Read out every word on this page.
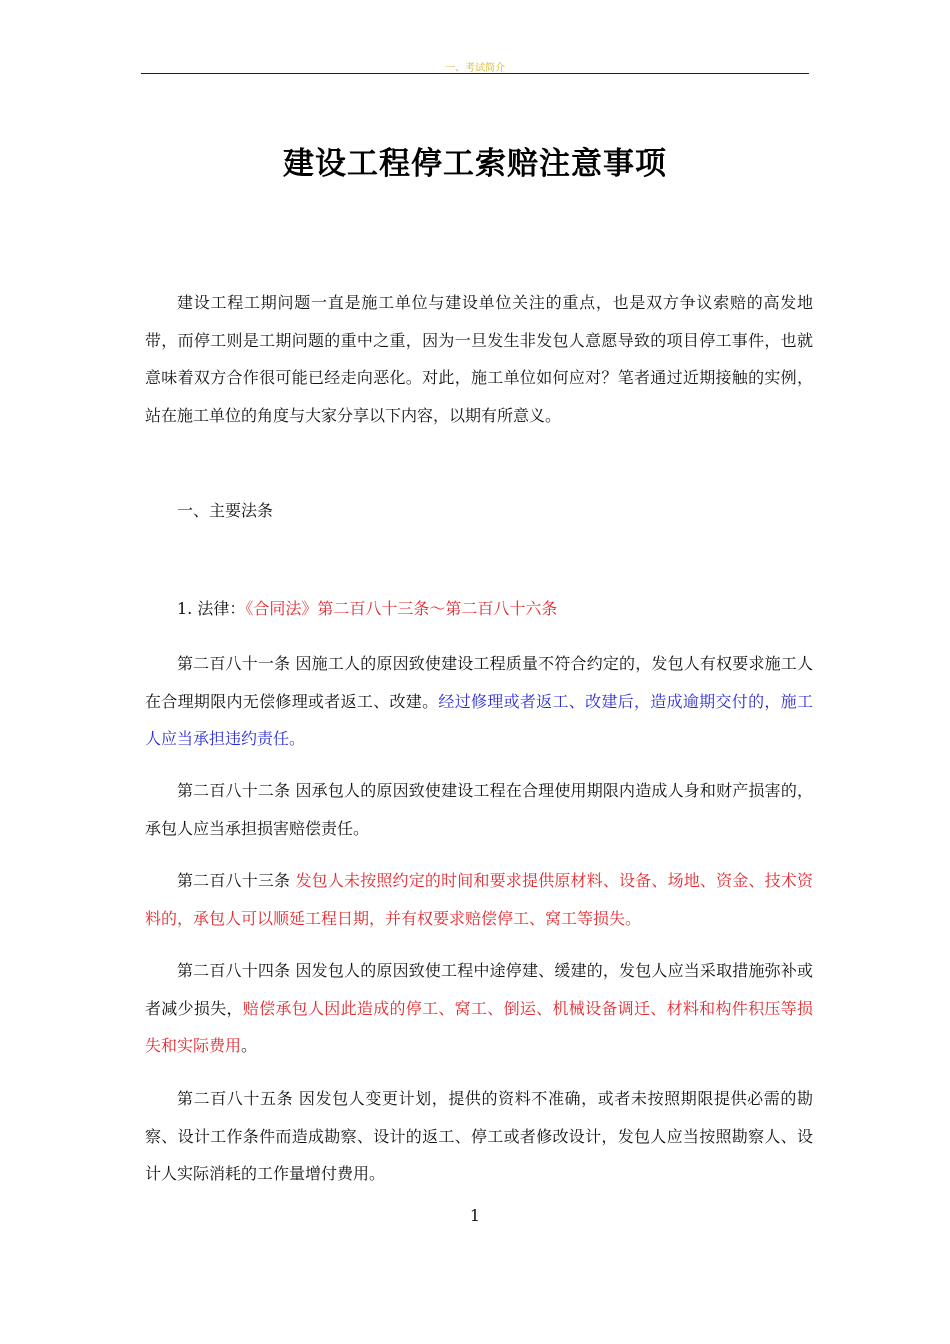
一、考试简介
建设工程停工索赔注意事项
建设工程工期问题一直是施工单位与建设单位关注的重点，也是双方争议索赔的高发地带，而停工则是工期问题的重中之重，因为一旦发生非发包人意愿导致的项目停工事件，也就意味着双方合作很可能已经走向恶化。对此，施工单位如何应对？笔者通过近期接触的实例，站在施工单位的角度与大家分享以下内容，以期有所意义。
一、主要法条
1. 法律：《合同法》第二百八十三条～第二百八十六条
第二百八十一条 因施工人的原因致使建设工程质量不符合约定的，发包人有权要求施工人在合理期限内无偿修理或者返工、改建。经过修理或者返工、改建后，造成逾期交付的，施工人应当承担违约责任。
第二百八十二条 因承包人的原因致使建设工程在合理使用期限内造成人身和财产损害的，承包人应当承担损害赔偿责任。
第二百八十三条 发包人未按照约定的时间和要求提供原材料、设备、场地、资金、技术资料的，承包人可以顺延工程日期，并有权要求赔偿停工、窝工等损失。
第二百八十四条 因发包人的原因致使工程中途停建、缓建的，发包人应当采取措施弥补或者减少损失，赔偿承包人因此造成的停工、窝工、倒运、机械设备调迁、材料和构件积压等损失和实际费用。
第二百八十五条 因发包人变更计划，提供的资料不准确，或者未按照期限提供必需的勘察、设计工作条件而造成勘察、设计的返工、停工或者修改设计，发包人应当按照勘察人、设计人实际消耗的工作量增付费用。
1
